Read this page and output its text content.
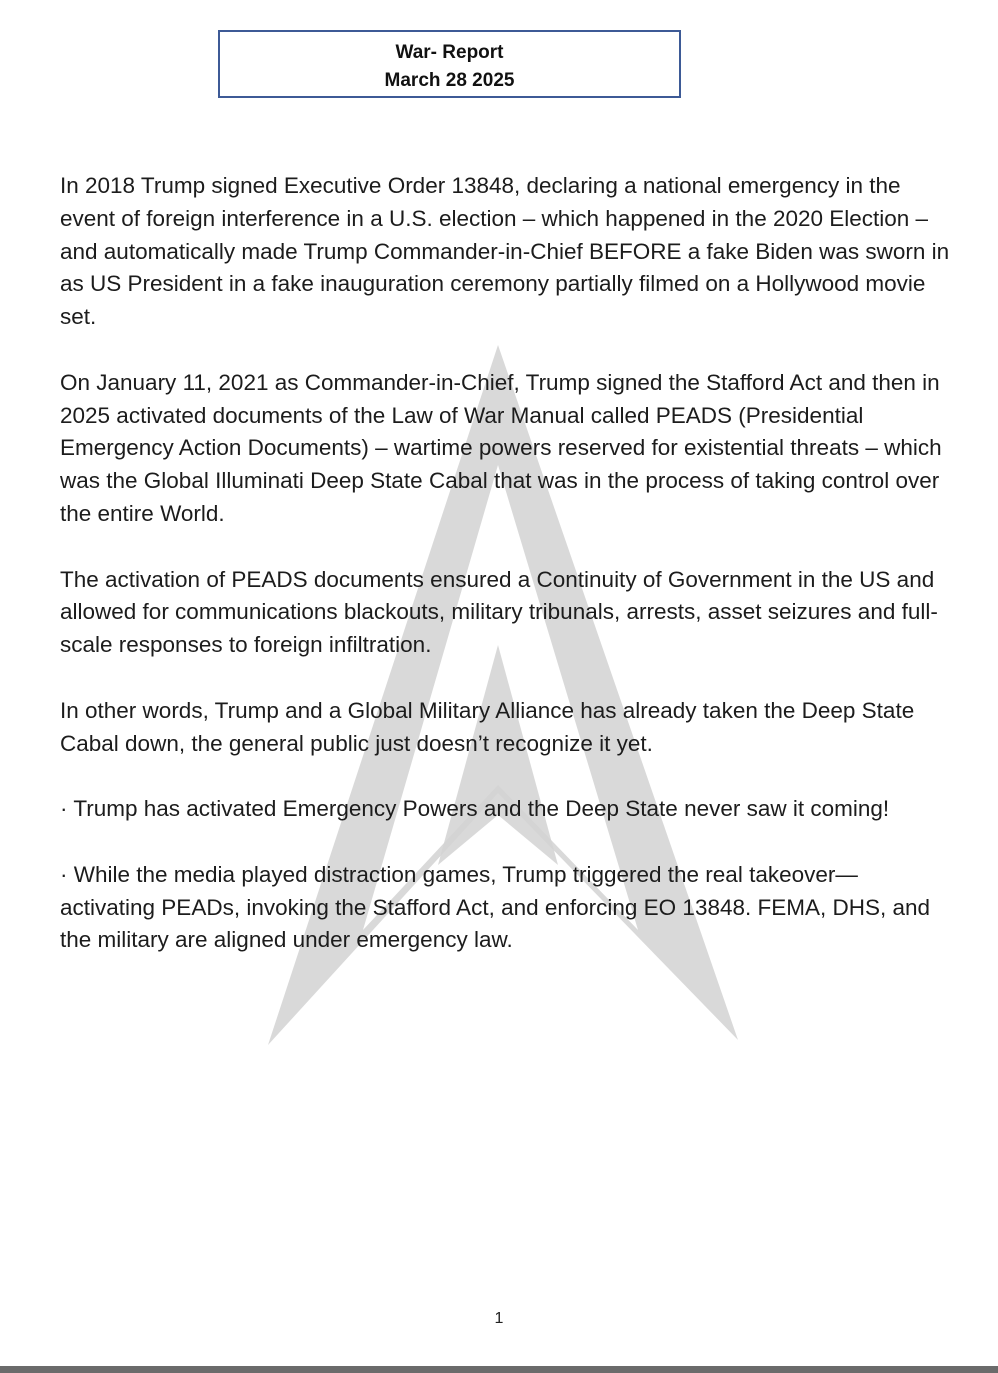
War- Report
March 28 2025

In 2018 Trump signed Executive Order 13848, declaring a national emergency in the event of foreign interference in a U.S. election – which happened in the 2020 Election – and automatically made Trump Commander-in-Chief BEFORE a fake Biden was sworn in as US President in a fake inauguration ceremony partially filmed on a Hollywood movie set.

On January 11, 2021 as Commander-in-Chief, Trump signed the Stafford Act and then in 2025 activated documents of the Law of War Manual called PEADS (Presidential Emergency Action Documents) – wartime powers reserved for existential threats – which was the Global Illuminati Deep State Cabal that was in the process of taking control over the entire World.

The activation of PEADS documents ensured a Continuity of Government in the US and allowed for communications blackouts, military tribunals, arrests, asset seizures and full-scale responses to foreign infiltration.

In other words, Trump and a Global Military Alliance has already taken the Deep State Cabal down, the general public just doesn’t recognize it yet.

· Trump has activated Emergency Powers and the Deep State never saw it coming!

· While the media played distraction games, Trump triggered the real takeover—activating PEADs, invoking the Stafford Act, and enforcing EO 13848. FEMA, DHS, and the military are aligned under emergency law.

1
